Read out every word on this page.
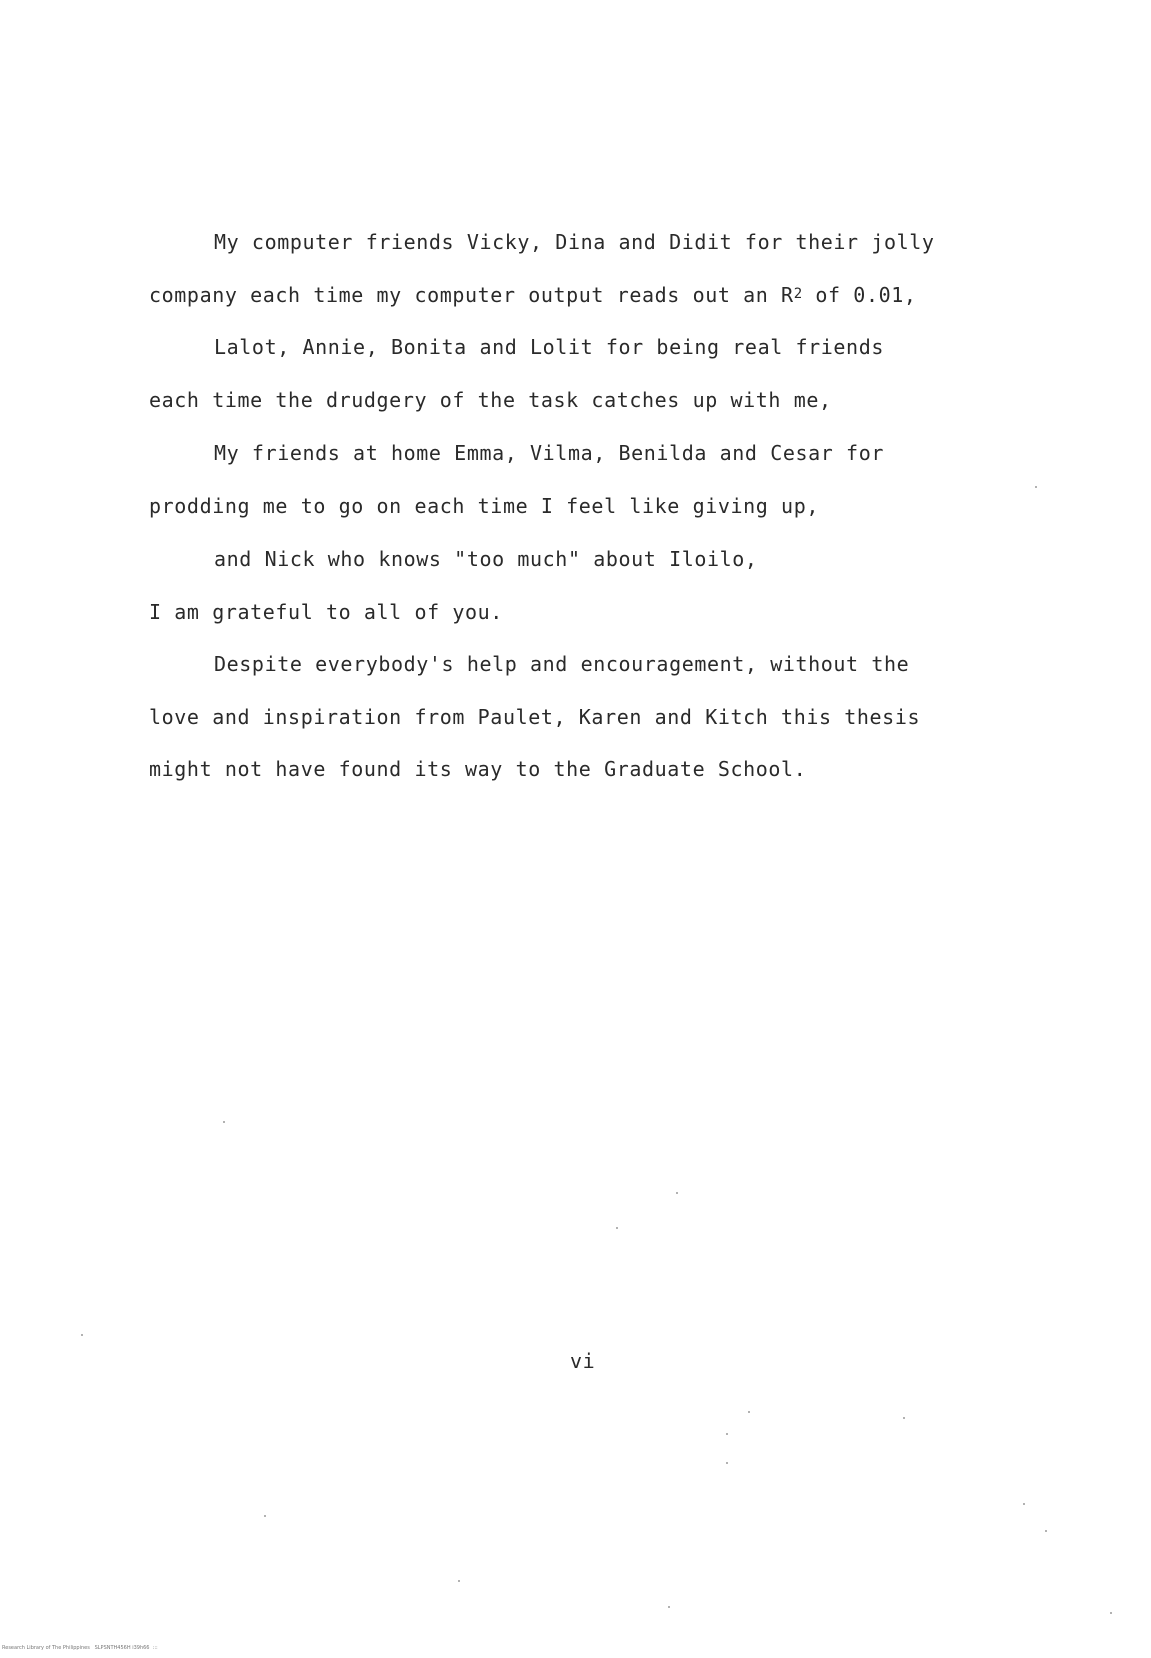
My computer friends Vicky, Dina and Didit for their jolly
company each time my computer output reads out an $R^2$ of 0.01,
Lalot, Annie, Bonita and Lolit for being real friends
each time the drudgery of the task catches up with me,
My friends at home Emma, Vilma, Benilda and Cesar for
prodding me to go on each time I feel like giving up,
and Nick who knows "too much" about Iloilo,
I am grateful to all of you.
Despite everybody's help and encouragement, without the
love and inspiration from Paulet, Karen and Kitch this thesis
might not have found its way to the Graduate School.
vi
Research Library of The Philippines   SLPSNTH456H i39h66  :::
